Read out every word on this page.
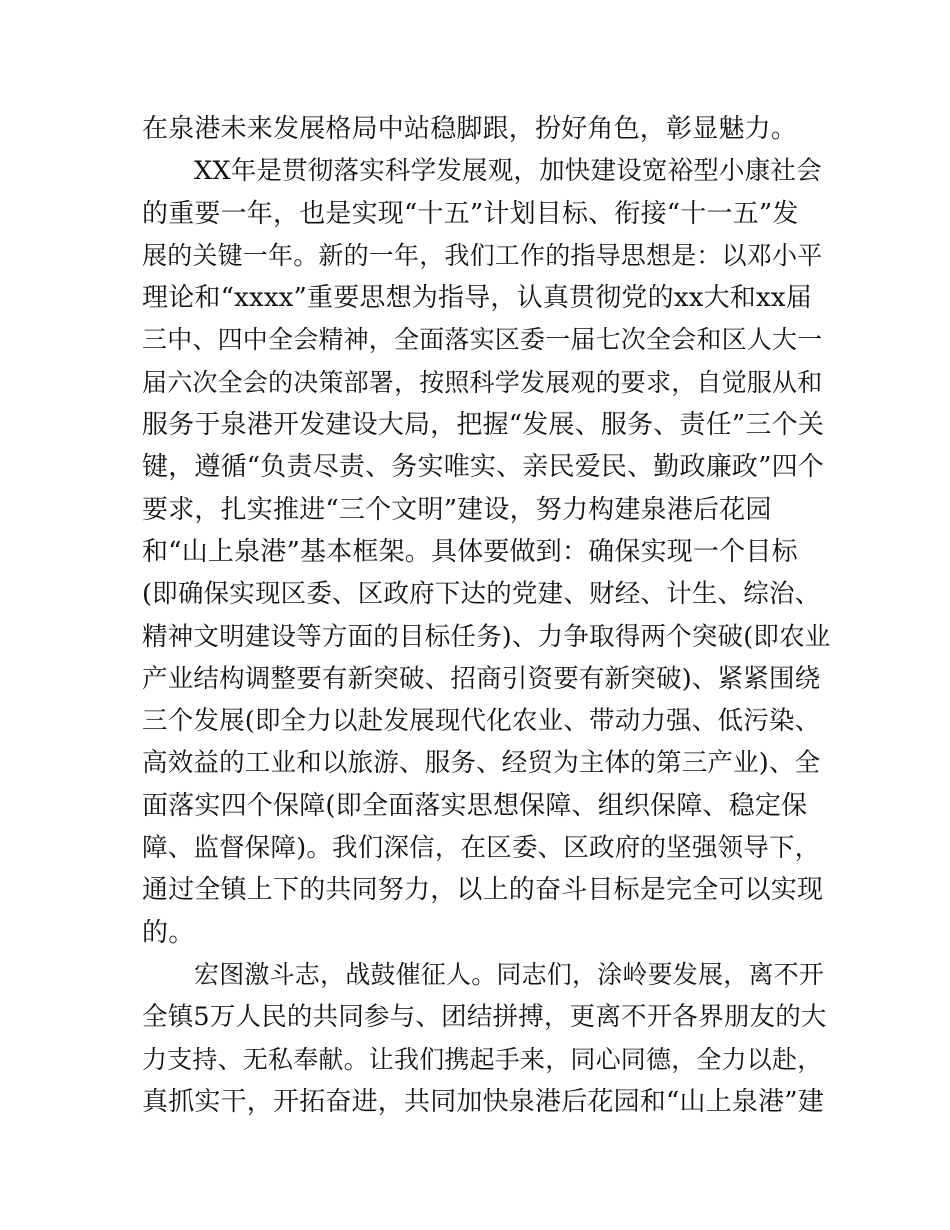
在泉港未来发展格局中站稳脚跟，扮好角色，彰显魅力。
XX年是贯彻落实科学发展观，加快建设宽裕型小康社会
的重要一年，也是实现“十五”计划目标、衔接“十一五”发
展的关键一年。新的一年，我们工作的指导思想是：以邓小平
理论和“xxxx”重要思想为指导，认真贯彻党的xx大和xx届
三中、四中全会精神，全面落实区委一届七次全会和区人大一
届六次全会的决策部署，按照科学发展观的要求，自觉服从和
服务于泉港开发建设大局，把握“发展、服务、责任”三个关
键，遵循“负责尽责、务实唯实、亲民爱民、勤政廉政”四个
要求，扎实推进“三个文明”建设，努力构建泉港后花园
和“山上泉港”基本框架。具体要做到：确保实现一个目标
(即确保实现区委、区政府下达的党建、财经、计生、综治、
精神文明建设等方面的目标任务)、力争取得两个突破(即农业
产业结构调整要有新突破、招商引资要有新突破)、紧紧围绕
三个发展(即全力以赴发展现代化农业、带动力强、低污染、
高效益的工业和以旅游、服务、经贸为主体的第三产业)、全
面落实四个保障(即全面落实思想保障、组织保障、稳定保
障、监督保障)。我们深信，在区委、区政府的坚强领导下，
通过全镇上下的共同努力，以上的奋斗目标是完全可以实现
的。
宏图激斗志，战鼓催征人。同志们，涂岭要发展，离不开
全镇5万人民的共同参与、团结拼搏，更离不开各界朋友的大
力支持、无私奉献。让我们携起手来，同心同德，全力以赴，
真抓实干，开拓奋进，共同加快泉港后花园和“山上泉港”建
